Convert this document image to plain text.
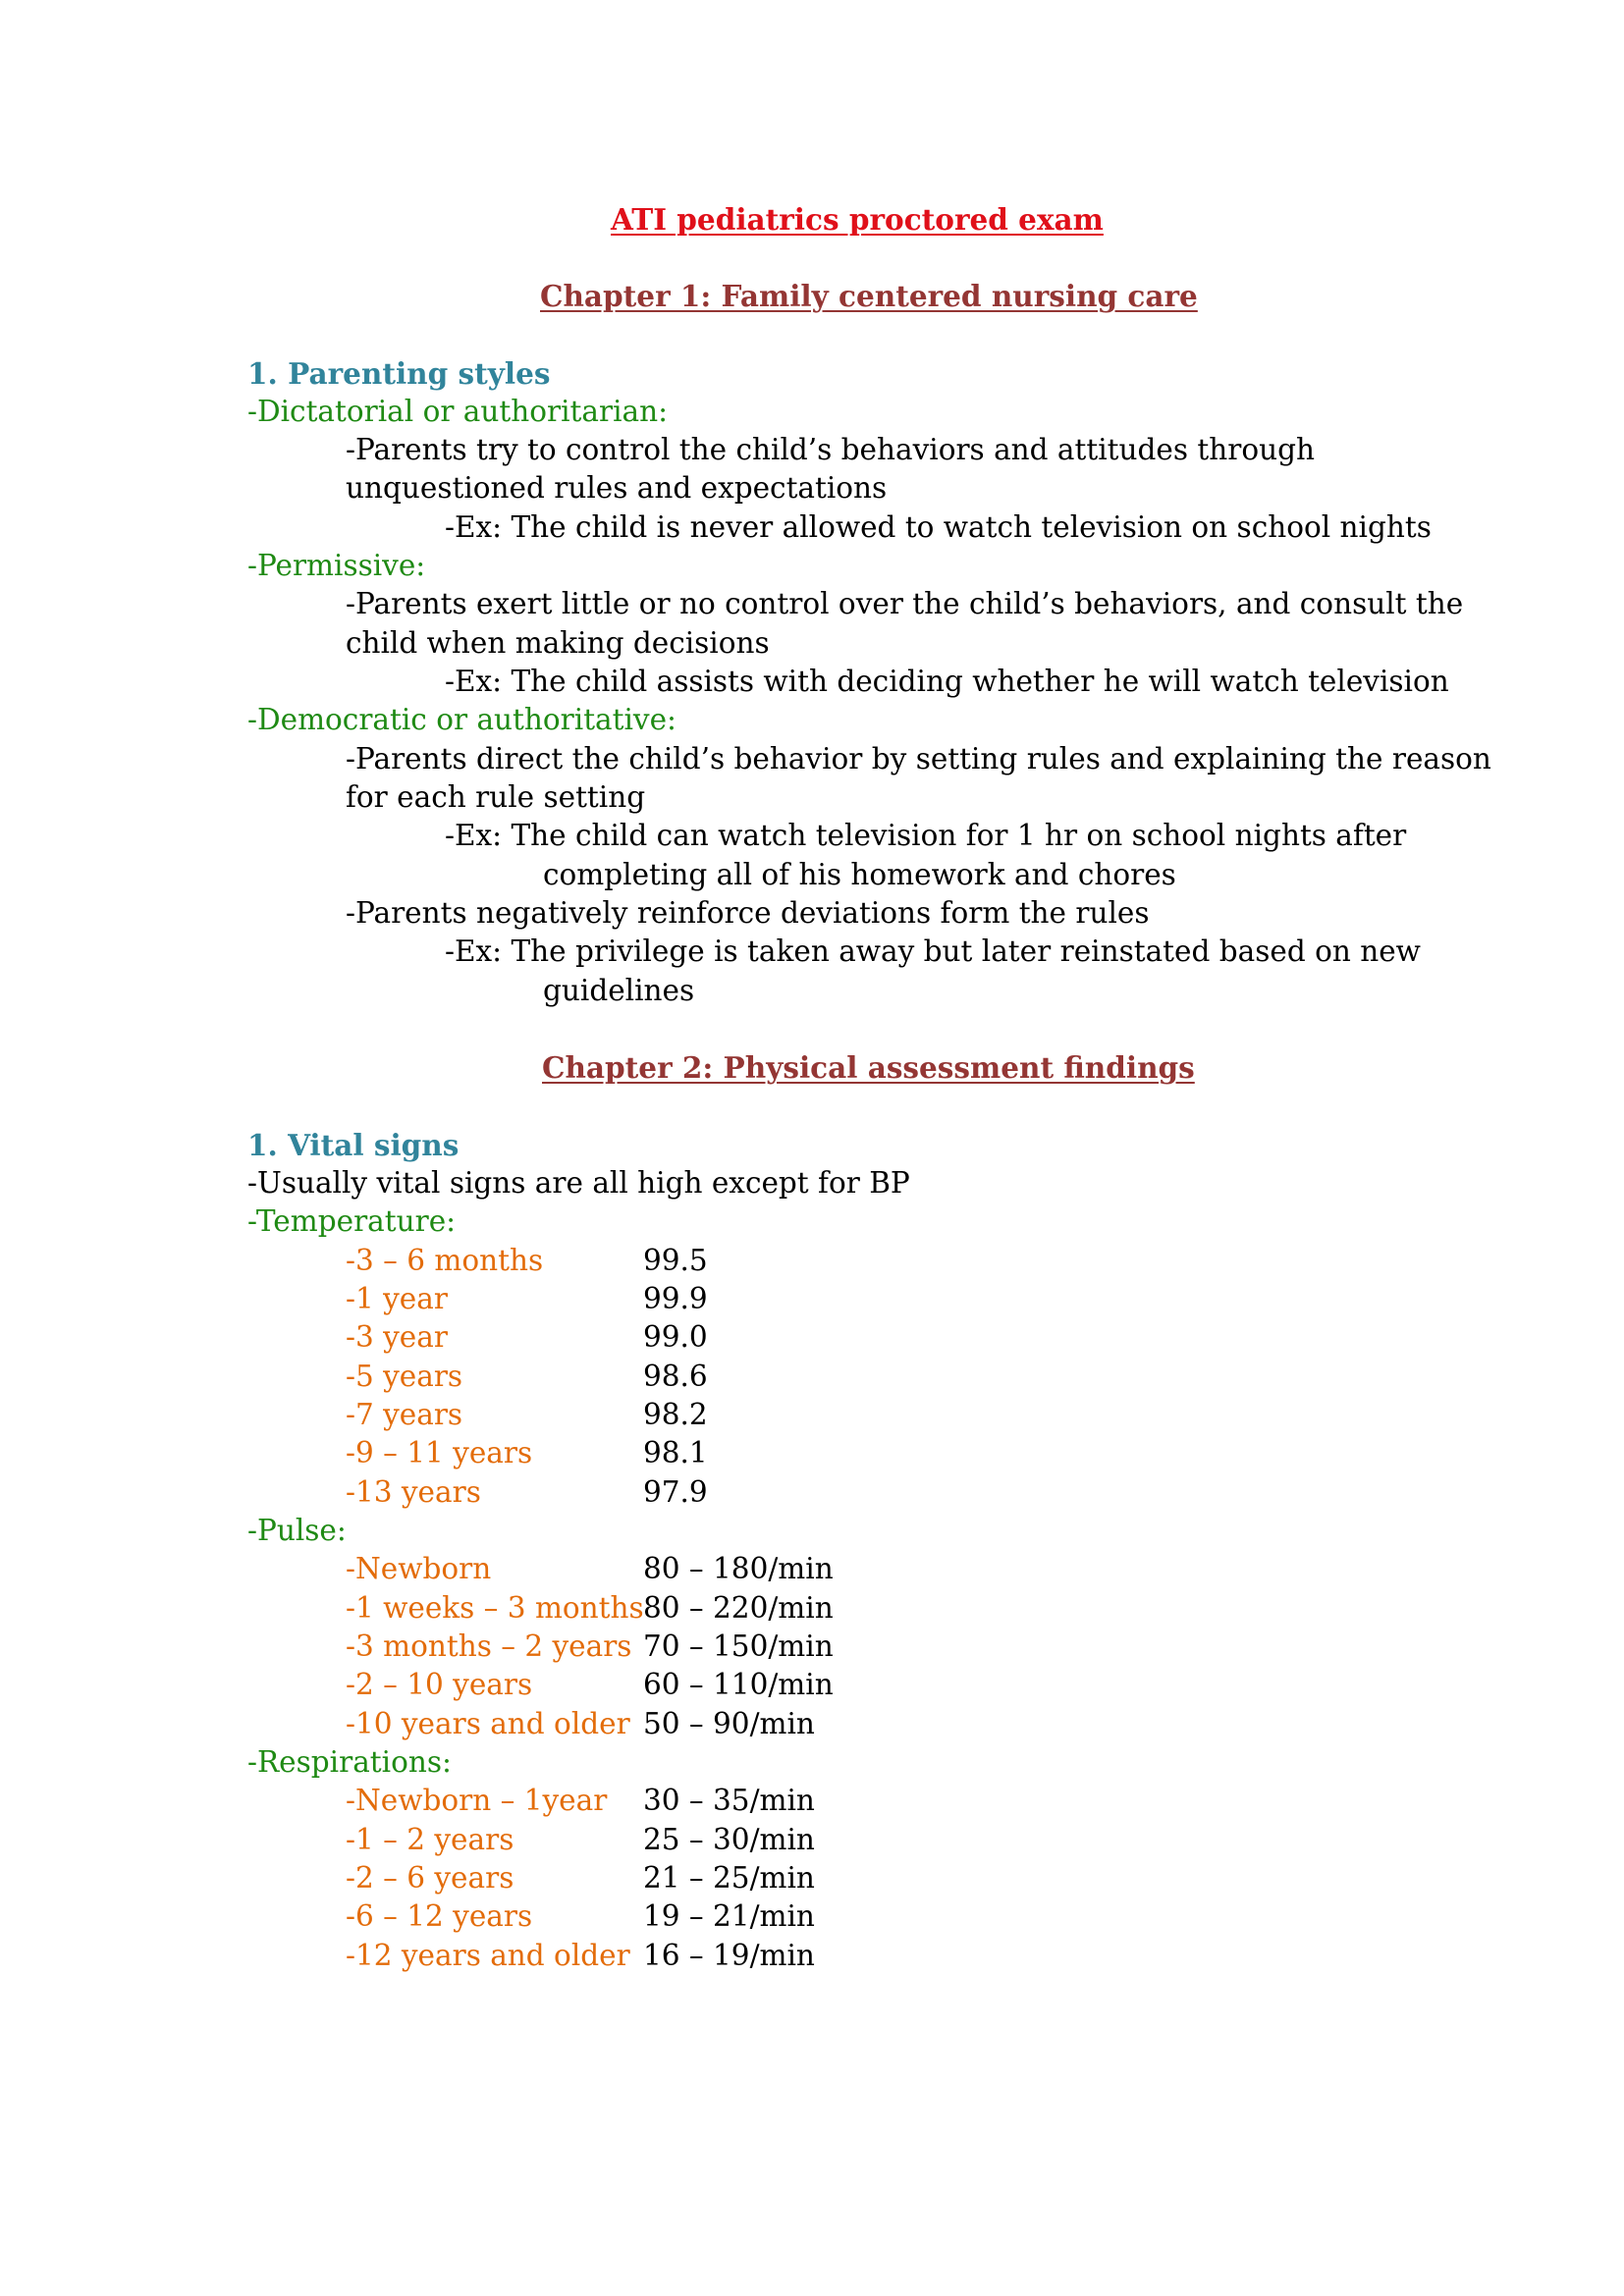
ATI pediatrics proctored exam
Chapter 1: Family centered nursing care
1. Parenting styles
-Dictatorial or authoritarian:
-Parents try to control the child’s behaviors and attitudes through
unquestioned rules and expectations
-Ex: The child is never allowed to watch television on school nights
-Permissive:
-Parents exert little or no control over the child’s behaviors, and consult the
child when making decisions
-Ex: The child assists with deciding whether he will watch television
-Democratic or authoritative:
-Parents direct the child’s behavior by setting rules and explaining the reason
for each rule setting
-Ex: The child can watch television for 1 hr on school nights after
completing all of his homework and chores
-Parents negatively reinforce deviations form the rules
-Ex: The privilege is taken away but later reinstated based on new
guidelines
Chapter 2: Physical assessment findings
1. Vital signs
-Usually vital signs are all high except for BP
-Temperature:
-3 – 6 months	99.5
-1 year	99.9
-3 year	99.0
-5 years	98.6
-7 years	98.2
-9 – 11 years	98.1
-13 years	97.9
-Pulse:
-Newborn	80 – 180/min
-1 weeks – 3 months 80 – 220/min
-3 months – 2 years 70 – 150/min
-2 – 10 years	60 – 110/min
-10 years and older 50 – 90/min
-Respirations:
-Newborn – 1year 30 – 35/min
-1 – 2 years	25 – 30/min
-2 – 6 years	21 – 25/min
-6 – 12 years	19 – 21/min
-12 years and older 16 – 19/min
